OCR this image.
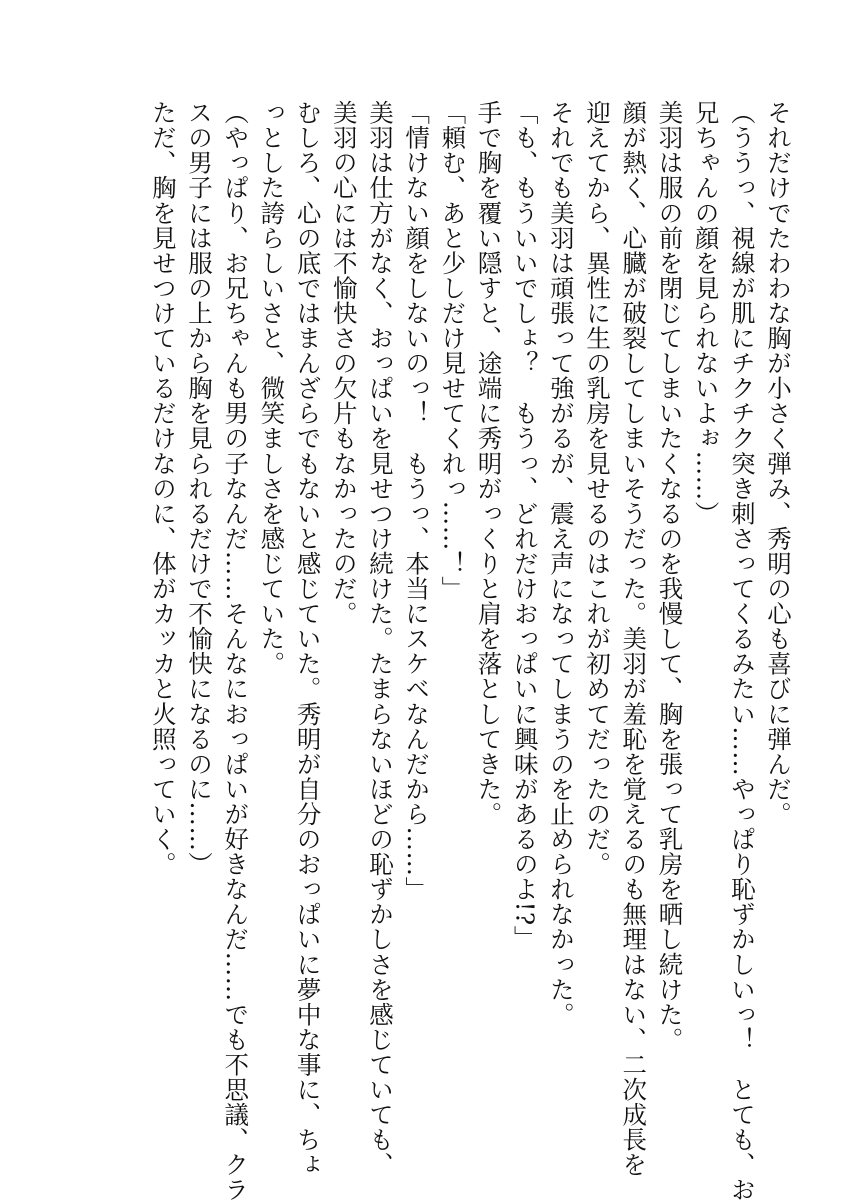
それだけでたわわな胸が小さく弾み、秀明の心も喜びに弾んだ。
（ううっ、視線が肌にチクチク突き刺さってくるみたい……やっぱり恥ずかしいっ！　とても、お
兄ちゃんの顔を見られないよぉ……）
美羽は服の前を閉じてしまいたくなるのを我慢して、胸を張って乳房を晒し続けた。
顔が熱く、心臓が破裂してしまいそうだった。美羽が羞恥を覚えるのも無理はない、二次成長を
迎えてから、異性に生の乳房を見せるのはこれが初めてだったのだ。
それでも美羽は頑張って強がるが、震え声になってしまうのを止められなかった。
「も、もういいでしょ？　もうっ、どれだけおっぱいに興味があるのよ!?」
手で胸を覆い隠すと、途端に秀明がっくりと肩を落としてきた。
「頼む、あと少しだけ見せてくれっ……！」
「情けない顔をしないのっ！　もうっ、本当にスケベなんだから……」
美羽は仕方がなく、おっぱいを見せつけ続けた。たまらないほどの恥ずかしさを感じていても、
美羽の心には不愉快さの欠片もなかったのだ。
むしろ、心の底ではまんざらでもないと感じていた。秀明が自分のおっぱいに夢中な事に、ちょ
っとした誇らしいさと、微笑ましさを感じていた。
（やっぱり、お兄ちゃんも男の子なんだ……そんなにおっぱいが好きなんだ……でも不思議、クラ
スの男子には服の上から胸を見られるだけで不愉快になるのに……）
ただ、胸を見せつけているだけなのに、体がカッカと火照っていく。
